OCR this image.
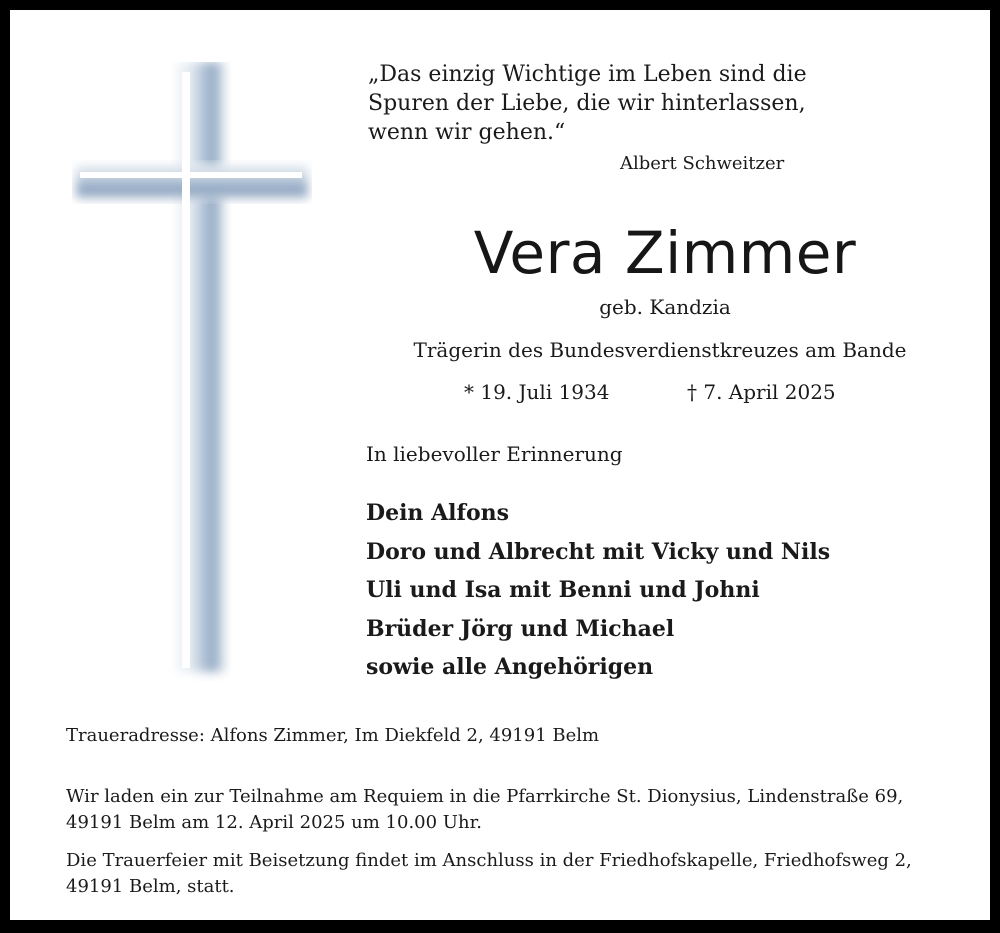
„Das einzig Wichtige im Leben sind die
Spuren der Liebe, die wir hinterlassen,
wenn wir gehen.“
Albert Schweitzer
Vera Zimmer
geb. Kandzia
Trägerin des Bundesverdienstkreuzes am Bande
* 19. Juli 1934	† 7. April 2025
In liebevoller Erinnerung
Dein Alfons
Doro und Albrecht mit Vicky und Nils
Uli und Isa mit Benni und Johni
Brüder Jörg und Michael
sowie alle Angehörigen
Traueradresse: Alfons Zimmer, Im Diekfeld 2, 49191 Belm
Wir laden ein zur Teilnahme am Requiem in die Pfarrkirche St. Dionysius, Lindenstraße 69,
49191 Belm am 12. April 2025 um 10.00 Uhr.
Die Trauerfeier mit Beisetzung findet im Anschluss in der Friedhofskapelle, Friedhofsweg 2,
49191 Belm, statt.
